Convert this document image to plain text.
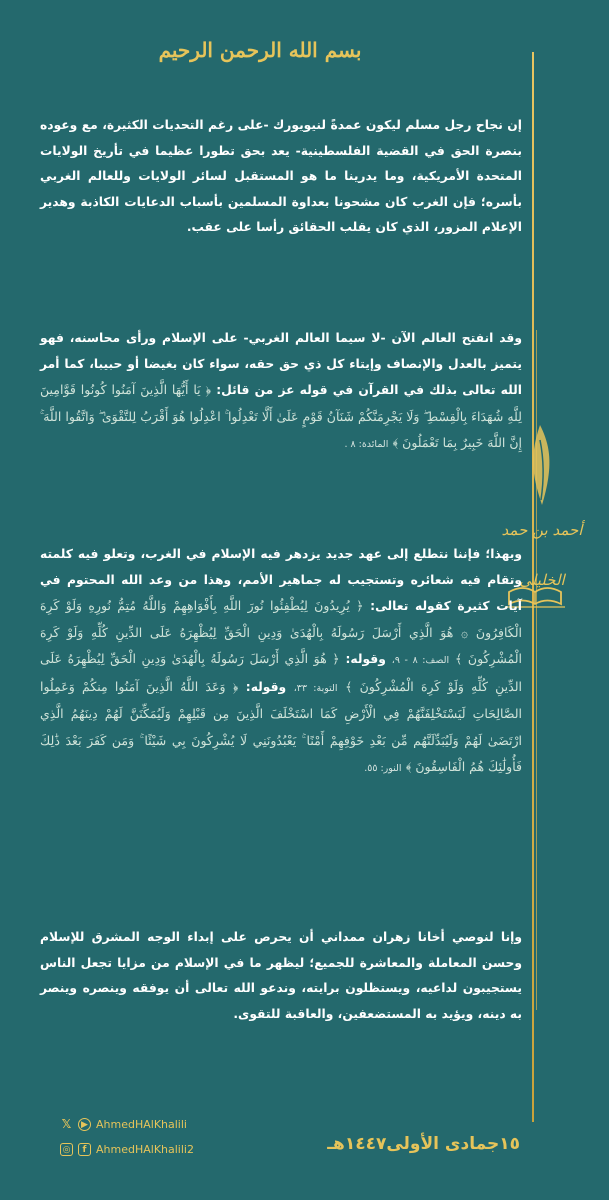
بسم الله الرحمن الرحيم
أحمد بن حمد الخليلي
إن نجاح رجل مسلم ليكون عمدةً لنيويورك -على رغم التحديات الكثيرة، مع وعوده بنصرة الحق في القضية الفلسطينية- يعد بحق تطورا عظيما في تأريخ الولايات المتحدة الأمريكية، وما يدرينا ما هو المستقبل لسائر الولايات وللعالم الغربي بأسره؛ فإن الغرب كان مشحونا بعداوة المسلمين بأسباب الدعايات الكاذبة وهدير الإعلام المزور، الذي كان يقلب الحقائق رأسا على عقب.
وقد انفتح العالم الآن -لا سيما العالم الغربي- على الإسلام ورأى محاسنه، فهو يتميز بالعدل والإنصاف وإيتاء كل ذي حق حقه، سواء كان بغيضا أو حبيبا، كما أمر الله تعالى بذلك في القرآن في قوله عز من قائل: ﴿ يَا أَيُّهَا الَّذِينَ آمَنُوا كُونُوا قَوَّامِينَ لِلَّهِ شُهَدَاءَ بِالْقِسْطِ ۖ وَلَا يَجْرِمَنَّكُمْ شَنَآنُ قَوْمٍ عَلَىٰ أَلَّا تَعْدِلُوا ۚ اعْدِلُوا هُوَ أَقْرَبُ لِلتَّقْوَىٰ ۖ وَاتَّقُوا اللَّهَ ۚ إِنَّ اللَّهَ خَبِيرٌ بِمَا تَعْمَلُونَ ﴾ المائدة: ٨ .
وبهذا؛ فإننا نتطلع إلى عهد جديد يزدهر فيه الإسلام في الغرب، وتعلو فيه كلمته وتقام فيه شعائره وتستجيب له جماهير الأمم، وهذا من وعد الله المحتوم في آيات كثيرة كقوله تعالى: ﴿ يُرِيدُونَ لِيُطْفِئُوا نُورَ اللَّهِ بِأَفْوَاهِهِمْ وَاللَّهُ مُتِمُّ نُورِهِ وَلَوْ كَرِهَ الْكَافِرُونَ ۞ هُوَ الَّذِي أَرْسَلَ رَسُولَهُ بِالْهُدَىٰ وَدِينِ الْحَقِّ لِيُظْهِرَهُ عَلَى الدِّينِ كُلِّهِ وَلَوْ كَرِهَ الْمُشْرِكُونَ ﴾ الصف: ٨ - ٩، وقوله: ﴿ هُوَ الَّذِي أَرْسَلَ رَسُولَهُ بِالْهُدَىٰ وَدِينِ الْحَقِّ لِيُظْهِرَهُ عَلَى الدِّينِ كُلِّهِ وَلَوْ كَرِهَ الْمُشْرِكُونَ ﴾ التوبة: ٣٣، وقوله: ﴿ وَعَدَ اللَّهُ الَّذِينَ آمَنُوا مِنكُمْ وَعَمِلُوا الصَّالِحَاتِ لَيَسْتَخْلِفَنَّهُمْ فِي الْأَرْضِ كَمَا اسْتَخْلَفَ الَّذِينَ مِن قَبْلِهِمْ وَلَيُمَكِّنَنَّ لَهُمْ دِينَهُمُ الَّذِي ارْتَضَىٰ لَهُمْ وَلَيُبَدِّلَنَّهُم مِّن بَعْدِ خَوْفِهِمْ أَمْنًا ۚ يَعْبُدُونَنِي لَا يُشْرِكُونَ بِي شَيْئًا ۚ وَمَن كَفَرَ بَعْدَ ذَٰلِكَ فَأُولَٰئِكَ هُمُ الْفَاسِقُونَ ﴾ النور: ٥٥.
وإنا لنوصي أخانا زهران ممداني أن يحرص على إبداء الوجه المشرق للإسلام وحسن المعاملة والمعاشرة للجميع؛ ليظهر ما في الإسلام من مزايا تجعل الناس يستجيبون لداعيه، ويستظلون برايته، وندعو الله تعالى أن يوفقه وينصره وينصر به دينه، ويؤيد به المستضعفين، والعاقبة للتقوى.
𝕏	▶ AhmedHAlKhalili
◎	f AhmedHAlKhalili2	١٥جمادى الأولى١٤٤٧هـ
